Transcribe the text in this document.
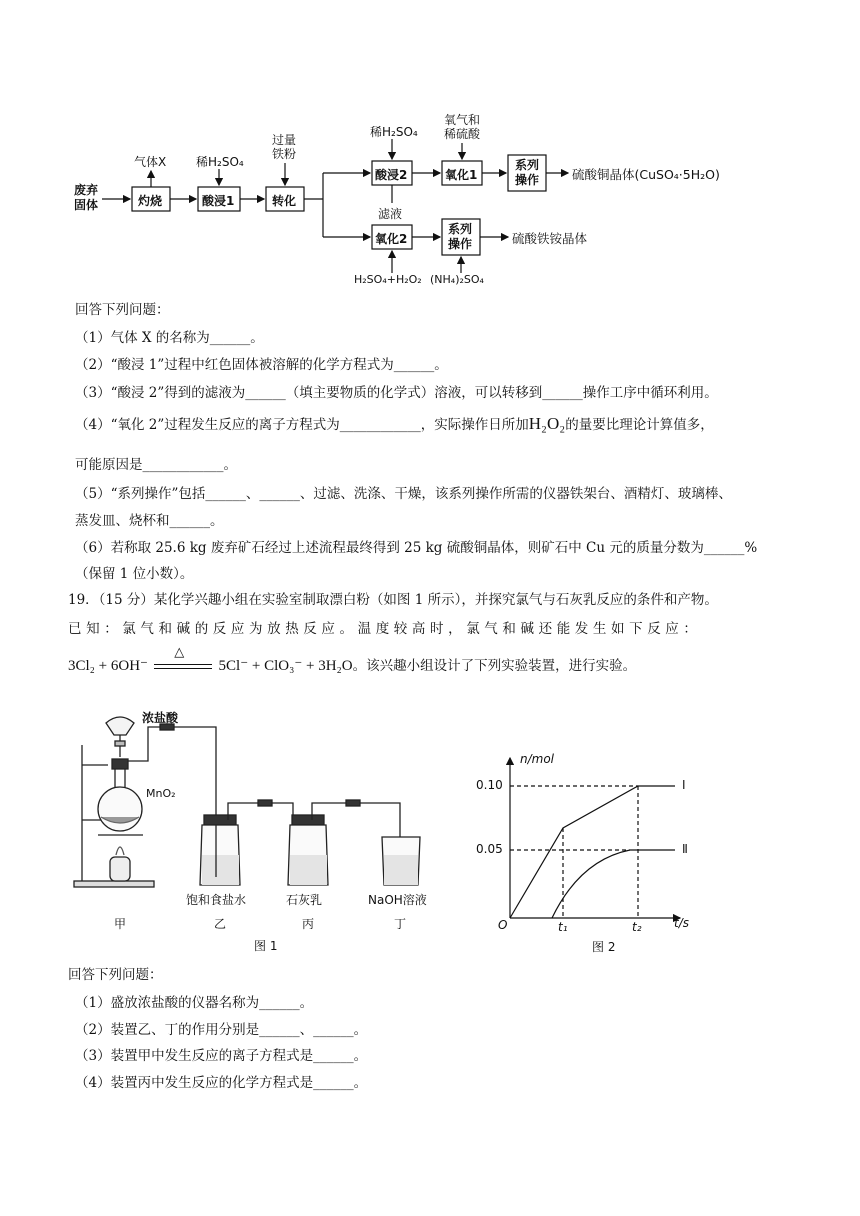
废弃
固体
气体X 稀H₂SO₄
过量
铁粉
稀H₂SO₄
氧气和
稀硫酸
灼烧	酸浸1	转化
酸浸2	氧化1
系列
操作
氧化2
系列
操作
滤液
硫酸铜晶体(CuSO₄·5H₂O)
硫酸铁铵晶体
H₂SO₄+H₂O₂ (NH₄)₂SO₄
回答下列问题：
（1）气体 X 的名称为______。
（2）“酸浸 1”过程中红色固体被溶解的化学方程式为______。
（3）“酸浸 2”得到的滤液为______（填主要物质的化学式）溶液，可以转移到______操作工序中循环利用。
（4）“氧化 2”过程发生反应的离子方程式为____________，实际操作日所加H₂O₂的量要比理论计算值多，
可能原因是____________。
（5）“系列操作”包括______、______、过滤、洗涤、干燥，该系列操作所需的仪器铁架台、酒精灯、玻璃棒、
蒸发皿、烧杯和______。
（6）若称取 25.6 kg 废弃矿石经过上述流程最终得到 25 kg 硫酸铜晶体，则矿石中 Cu 元的质量分数为______%
（保留 1 位小数）。
19．（15 分）某化学兴趣小组在实验室制取漂白粉（如图 1 所示），并探究氯气与石灰乳反应的条件和产物。
已知：氯气和碱的反应为放热反应。温度较高时，氯气和碱还能发生如下反应：
3Cl₂ + 6OH⁻
△
5Cl⁻ + ClO₃⁻ + 3H₂O。该兴趣小组设计了下列实验装置，进行实验。
浓盐酸
MnO₂
饱和食盐水	石灰乳	NaOH溶液
甲	乙	丙	丁
图 1
n/mol
0.10
0.05
O	t₁	t₂	t/s
I
Ⅱ
图 2
回答下列问题：
（1）盛放浓盐酸的仪器名称为______。
（2）装置乙、丁的作用分别是______、______。
（3）装置甲中发生反应的离子方程式是______。
（4）装置丙中发生反应的化学方程式是______。
